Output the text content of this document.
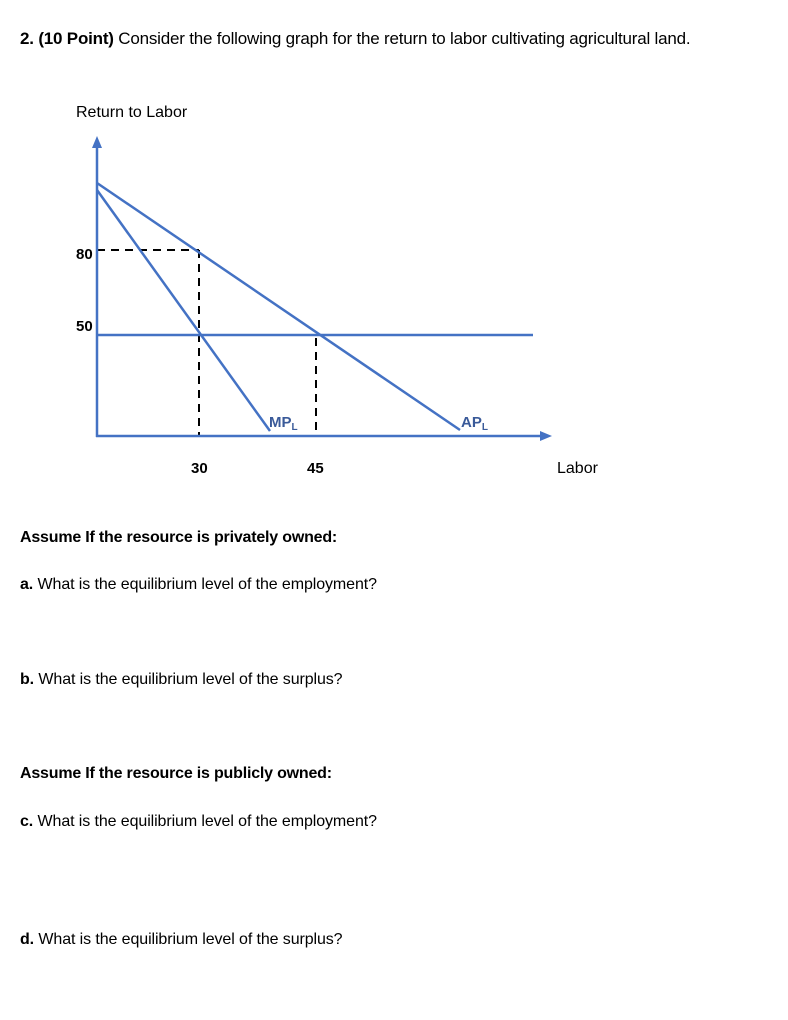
2. (10 Point) Consider the following graph for the return to labor cultivating agricultural land.
Return to Labor
80
50
30	45	Labor
$MP_L$	$AP_L$
Assume If the resource is privately owned:
a. What is the equilibrium level of the employment?
b. What is the equilibrium level of the surplus?
Assume If the resource is publicly owned:
c. What is the equilibrium level of the employment?
d. What is the equilibrium level of the surplus?
